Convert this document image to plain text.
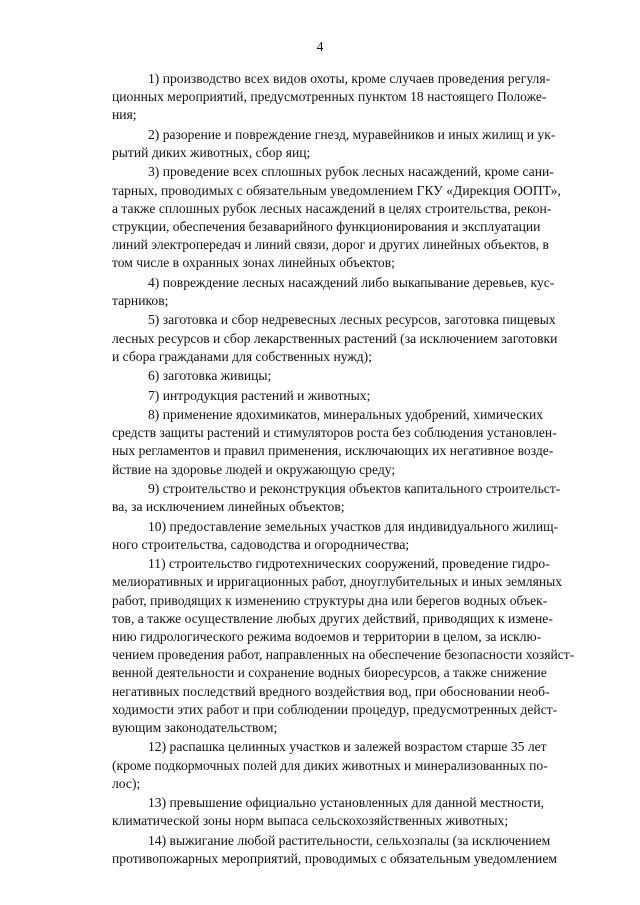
4

1) производство всех видов охоты, кроме случаев проведения регуля-
ционных мероприятий, предусмотренных пунктом 18 настоящего Положе-
ния;

2) разорение и повреждение гнезд, муравейников и иных жилищ и ук-
рытий диких животных, сбор яиц;

3) проведение всех сплошных рубок лесных насаждений, кроме сани-
тарных, проводимых с обязательным уведомлением ГКУ «Дирекция ООПТ»,
а также сплошных рубок лесных насаждений в целях строительства, рекон-
струкции, обеспечения безаварийного функционирования и эксплуатации
линий электропередач и линий связи, дорог и других линейных объектов, в
том числе в охранных зонах линейных объектов;

4) повреждение лесных насаждений либо выкапывание деревьев, кус-
тарников;

5) заготовка и сбор недревесных лесных ресурсов, заготовка пищевых
лесных ресурсов и сбор лекарственных растений (за исключением заготовки
и сбора гражданами для собственных нужд);

6) заготовка живицы;

7) интродукция растений и животных;

8) применение ядохимикатов, минеральных удобрений, химических
средств защиты растений и стимуляторов роста без соблюдения установлен-
ных регламентов и правил применения, исключающих их негативное возде-
йствие на здоровье людей и окружающую среду;

9) строительство и реконструкция объектов капитального строительст-
ва, за исключением линейных объектов;

10) предоставление земельных участков для индивидуального жилищ-
ного строительства, садоводства и огородничества;

11) строительство гидротехнических сооружений, проведение гидро-
мелиоративных и ирригационных работ, дноуглубительных и иных земляных
работ, приводящих к изменению структуры дна или берегов водных объек-
тов, а также осуществление любых других действий, приводящих к измене-
нию гидрологического режима водоемов и территории в целом, за исклю-
чением проведения работ, направленных на обеспечение безопасности хозяйст-
венной деятельности и сохранение водных биоресурсов, а также снижение
негативных последствий вредного воздействия вод, при обосновании необ-
ходимости этих работ и при соблюдении процедур, предусмотренных дейст-
вующим законодательством;

12) распашка целинных участков и залежей возрастом старше 35 лет
(кроме подкормочных полей для диких животных и минерализованных по-
лос);

13) превышение официально установленных для данной местности,
климатической зоны норм выпаса сельскохозяйственных животных;

14) выжигание любой растительности, сельхозпалы (за исключением
противопожарных мероприятий, проводимых с обязательным уведомлением
